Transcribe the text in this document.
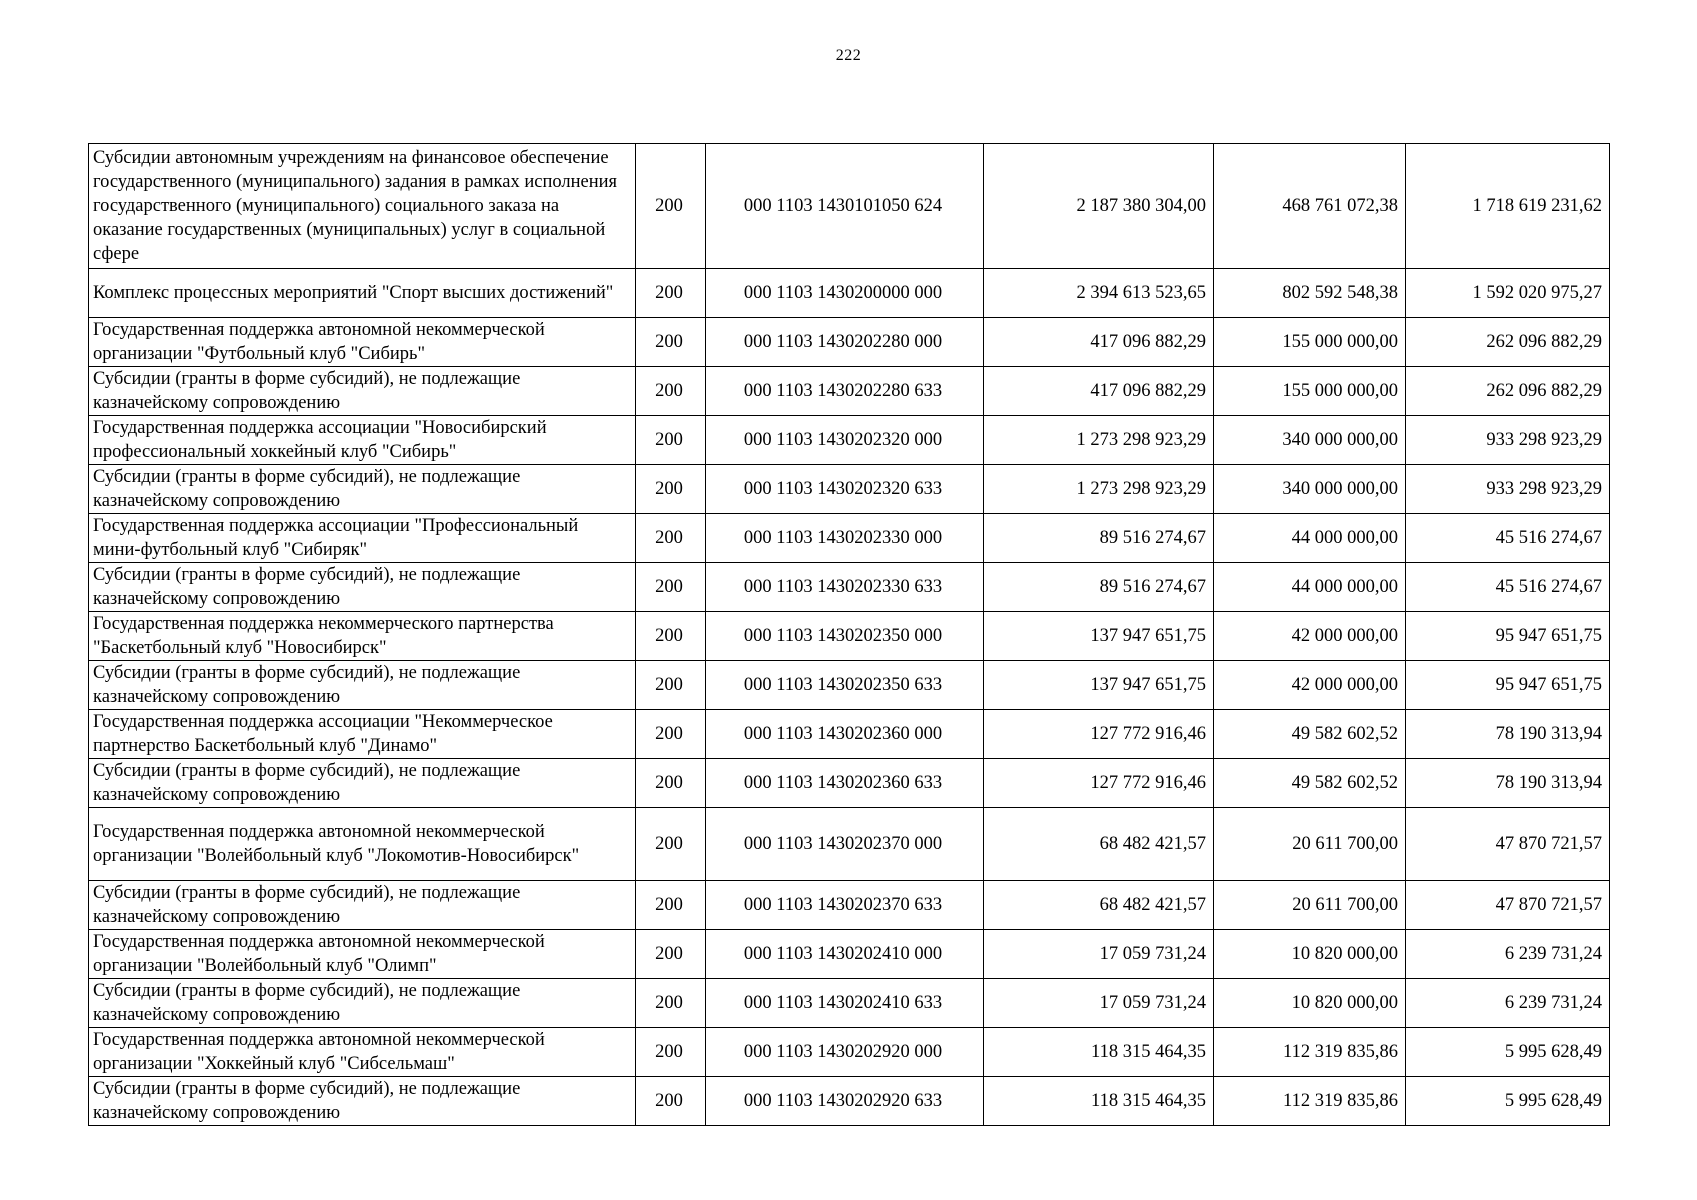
222
Субсидии автономным учреждениям на финансовое обеспечение государственного (муниципального) задания в рамках исполнения государственного (муниципального) социального заказа на оказание государственных (муниципальных) услуг в социальной сфере	200	000 1103 1430101050 624	2 187 380 304,00	468 761 072,38	1 718 619 231,62
Комплекс процессных мероприятий "Спорт высших достижений"	200	000 1103 1430200000 000	2 394 613 523,65	802 592 548,38	1 592 020 975,27
Государственная поддержка автономной некоммерческой организации "Футбольный клуб "Сибирь"	200	000 1103 1430202280 000	417 096 882,29	155 000 000,00	262 096 882,29
Субсидии (гранты в форме субсидий), не подлежащие казначейскому сопровождению	200	000 1103 1430202280 633	417 096 882,29	155 000 000,00	262 096 882,29
Государственная поддержка ассоциации "Новосибирский профессиональный хоккейный клуб "Сибирь"	200	000 1103 1430202320 000	1 273 298 923,29	340 000 000,00	933 298 923,29
Субсидии (гранты в форме субсидий), не подлежащие казначейскому сопровождению	200	000 1103 1430202320 633	1 273 298 923,29	340 000 000,00	933 298 923,29
Государственная поддержка ассоциации "Профессиональный мини-футбольный клуб "Сибиряк"	200	000 1103 1430202330 000	89 516 274,67	44 000 000,00	45 516 274,67
Субсидии (гранты в форме субсидий), не подлежащие казначейскому сопровождению	200	000 1103 1430202330 633	89 516 274,67	44 000 000,00	45 516 274,67
Государственная поддержка некоммерческого партнерства "Баскетбольный клуб "Новосибирск"	200	000 1103 1430202350 000	137 947 651,75	42 000 000,00	95 947 651,75
Субсидии (гранты в форме субсидий), не подлежащие казначейскому сопровождению	200	000 1103 1430202350 633	137 947 651,75	42 000 000,00	95 947 651,75
Государственная поддержка ассоциации "Некоммерческое партнерство Баскетбольный клуб "Динамо"	200	000 1103 1430202360 000	127 772 916,46	49 582 602,52	78 190 313,94
Субсидии (гранты в форме субсидий), не подлежащие казначейскому сопровождению	200	000 1103 1430202360 633	127 772 916,46	49 582 602,52	78 190 313,94
Государственная поддержка автономной некоммерческой организации "Волейбольный клуб "Локомотив-Новосибирск"	200	000 1103 1430202370 000	68 482 421,57	20 611 700,00	47 870 721,57
Субсидии (гранты в форме субсидий), не подлежащие казначейскому сопровождению	200	000 1103 1430202370 633	68 482 421,57	20 611 700,00	47 870 721,57
Государственная поддержка автономной некоммерческой организации "Волейбольный клуб "Олимп"	200	000 1103 1430202410 000	17 059 731,24	10 820 000,00	6 239 731,24
Субсидии (гранты в форме субсидий), не подлежащие казначейскому сопровождению	200	000 1103 1430202410 633	17 059 731,24	10 820 000,00	6 239 731,24
Государственная поддержка автономной некоммерческой организации "Хоккейный клуб "Сибсельмаш"	200	000 1103 1430202920 000	118 315 464,35	112 319 835,86	5 995 628,49
Субсидии (гранты в форме субсидий), не подлежащие казначейскому сопровождению	200	000 1103 1430202920 633	118 315 464,35	112 319 835,86	5 995 628,49
